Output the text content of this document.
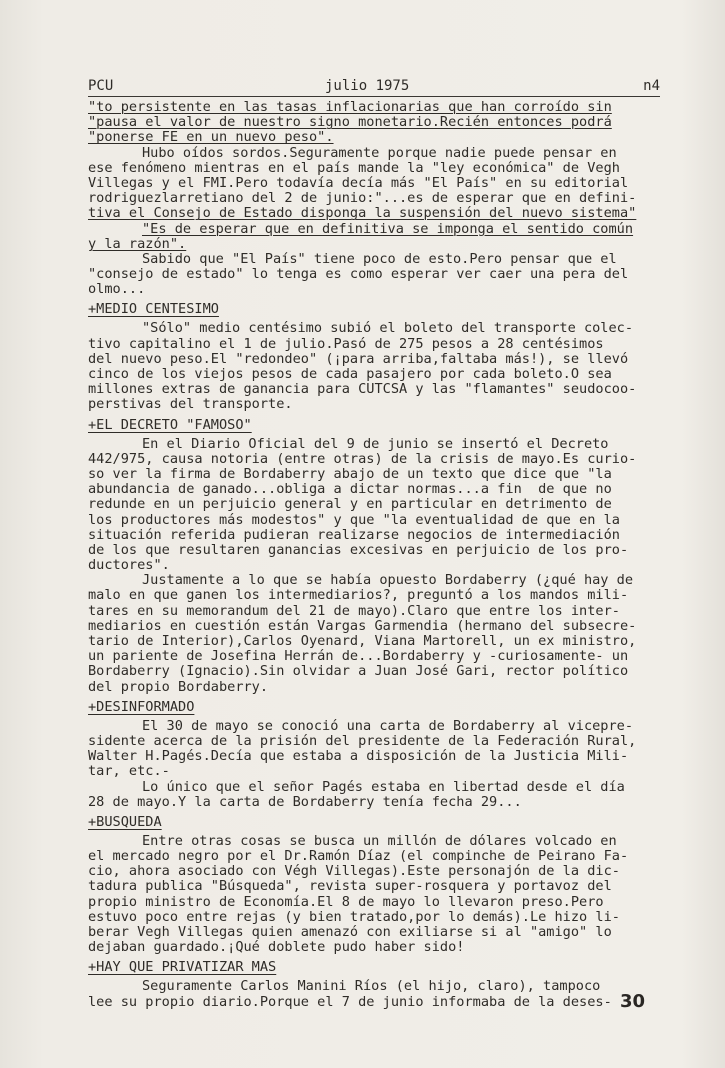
PCU	julio 1975	n4
"to persistente en las tasas inflacionarias que han corroído sin
"pausa el valor de nuestro signo monetario.Recién entonces podrá
"ponerse FE en un nuevo peso".
Hubo oídos sordos.Seguramente porque nadie puede pensar en
ese fenómeno mientras en el país mande la "ley económica" de Vegh
Villegas y el FMI.Pero todavía decía más "El País" en su editorial
rodriguezlarretiano del 2 de junio:"...es de esperar que en defini-
tiva el Consejo de Estado disponga la suspensión del nuevo sistema"
"Es de esperar que en definitiva se imponga el sentido común
y la razón".
Sabido que "El País" tiene poco de esto.Pero pensar que el
"consejo de estado" lo tenga es como esperar ver caer una pera del
olmo...
+MEDIO CENTESIMO
"Sólo" medio centésimo subió el boleto del transporte colec-
tivo capitalino el 1 de julio.Pasó de 275 pesos a 28 centésimos
del nuevo peso.El "redondeo" (¡para arriba,faltaba más!), se llevó
cinco de los viejos pesos de cada pasajero por cada boleto.O sea
millones extras de ganancia para CUTCSA y las "flamantes" seudocoo-
perstivas del transporte.
+EL DECRETO "FAMOSO"
En el Diario Oficial del 9 de junio se insertó el Decreto
442/975, causa notoria (entre otras) de la crisis de mayo.Es curio-
so ver la firma de Bordaberry abajo de un texto que dice que "la
abundancia de ganado...obliga a dictar normas...a fin  de que no
redunde en un perjuicio general y en particular en detrimento de
los productores más modestos" y que "la eventualidad de que en la
situación referida pudieran realizarse negocios de intermediación
de los que resultaren ganancias excesivas en perjuicio de los pro-
ductores".
Justamente a lo que se había opuesto Bordaberry (¿qué hay de
malo en que ganen los intermediarios?, preguntó a los mandos mili-
tares en su memorandum del 21 de mayo).Claro que entre los inter-
mediarios en cuestión están Vargas Garmendia (hermano del subsecre-
tario de Interior),Carlos Oyenard, Viana Martorell, un ex ministro,
un pariente de Josefina Herrán de...Bordaberry y -curiosamente- un
Bordaberry (Ignacio).Sin olvidar a Juan José Gari, rector político
del propio Bordaberry.
+DESINFORMADO
El 30 de mayo se conoció una carta de Bordaberry al vicepre-
sidente acerca de la prisión del presidente de la Federación Rural,
Walter H.Pagés.Decía que estaba a disposición de la Justicia Mili-
tar, etc.-
Lo único que el señor Pagés estaba en libertad desde el día
28 de mayo.Y la carta de Bordaberry tenía fecha 29...
+BUSQUEDA
Entre otras cosas se busca un millón de dólares volcado en
el mercado negro por el Dr.Ramón Díaz (el compinche de Peirano Fa-
cio, ahora asociado con Végh Villegas).Este personajón de la dic-
tadura publica "Búsqueda", revista super-rosquera y portavoz del
propio ministro de Economía.El 8 de mayo lo llevaron preso.Pero
estuvo poco entre rejas (y bien tratado,por lo demás).Le hizo li-
berar Vegh Villegas quien amenazó con exiliarse si al "amigo" lo
dejaban guardado.¡Qué doblete pudo haber sido!
+HAY QUE PRIVATIZAR MAS
Seguramente Carlos Manini Ríos (el hijo, claro), tampoco
lee su propio diario.Porque el 7 de junio informaba de la deses- 30
